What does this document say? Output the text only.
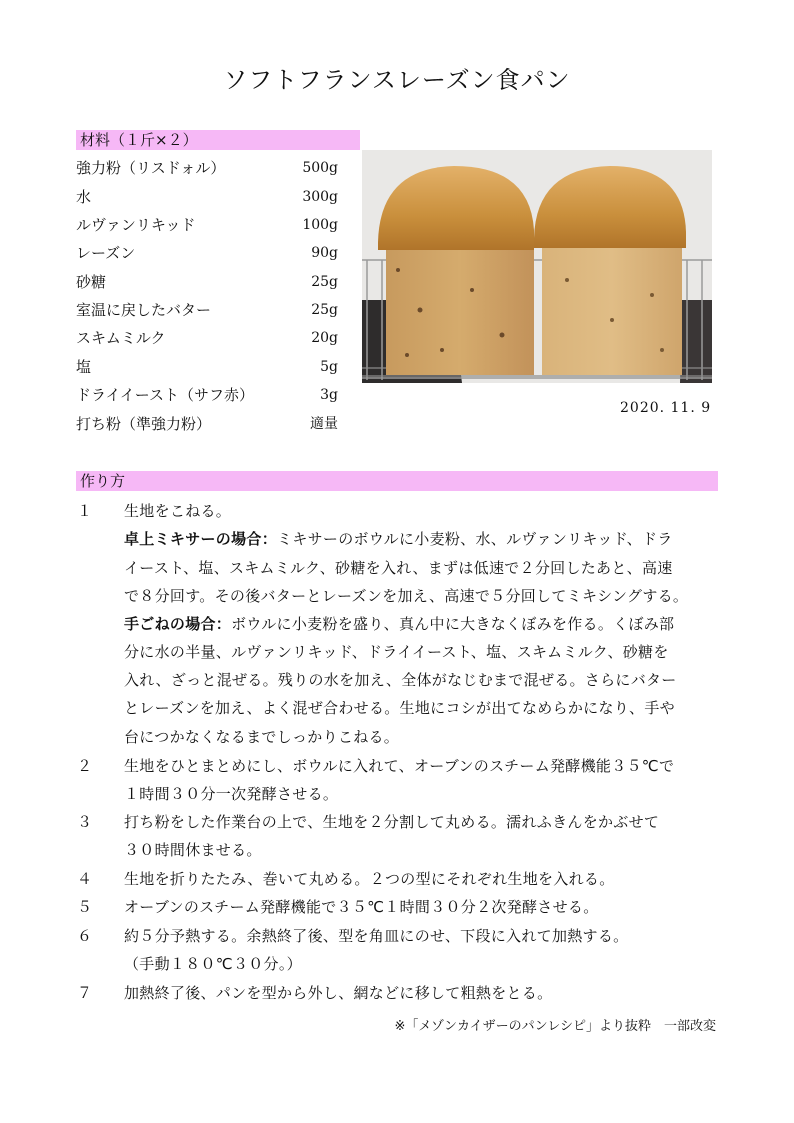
ソフトフランスレーズン食パン
材料（１斤×２）
強力粉（リスドォル）	500g
水	300g
ルヴァンリキッド	100g
レーズン	90g
砂糖	25g
室温に戻したバター	25g
スキムミルク	20g
塩	5g
ドライイースト（サフ赤）	3g
打ち粉（準強力粉）	適量
2020. 11. 9
作り方
１ 生地をこねる。
卓上ミキサーの場合：ミキサーのボウルに小麦粉、水、ルヴァンリキッド、ドラ
イースト、塩、スキムミルク、砂糖を入れ、まずは低速で２分回したあと、高速
で８分回す。その後バターとレーズンを加え、高速で５分回してミキシングする。
手ごねの場合：ボウルに小麦粉を盛り、真ん中に大きなくぼみを作る。くぼみ部
分に水の半量、ルヴァンリキッド、ドライイースト、塩、スキムミルク、砂糖を
入れ、ざっと混ぜる。残りの水を加え、全体がなじむまで混ぜる。さらにバター
とレーズンを加え、よく混ぜ合わせる。生地にコシが出てなめらかになり、手や
台につかなくなるまでしっかりこねる。
２ 生地をひとまとめにし、ボウルに入れて、オーブンのスチーム発酵機能３５℃で
１時間３０分一次発酵させる。
３ 打ち粉をした作業台の上で、生地を２分割して丸める。濡れふきんをかぶせて
３０時間休ませる。
４ 生地を折りたたみ、巻いて丸める。２つの型にそれぞれ生地を入れる。
５ オーブンのスチーム発酵機能で３５℃１時間３０分２次発酵させる。
６ 約５分予熱する。余熱終了後、型を角皿にのせ、下段に入れて加熱する。
（手動１８０℃３０分。）
７ 加熱終了後、パンを型から外し、網などに移して粗熱をとる。
※「メゾンカイザーのパンレシピ」より抜粋　一部改変
